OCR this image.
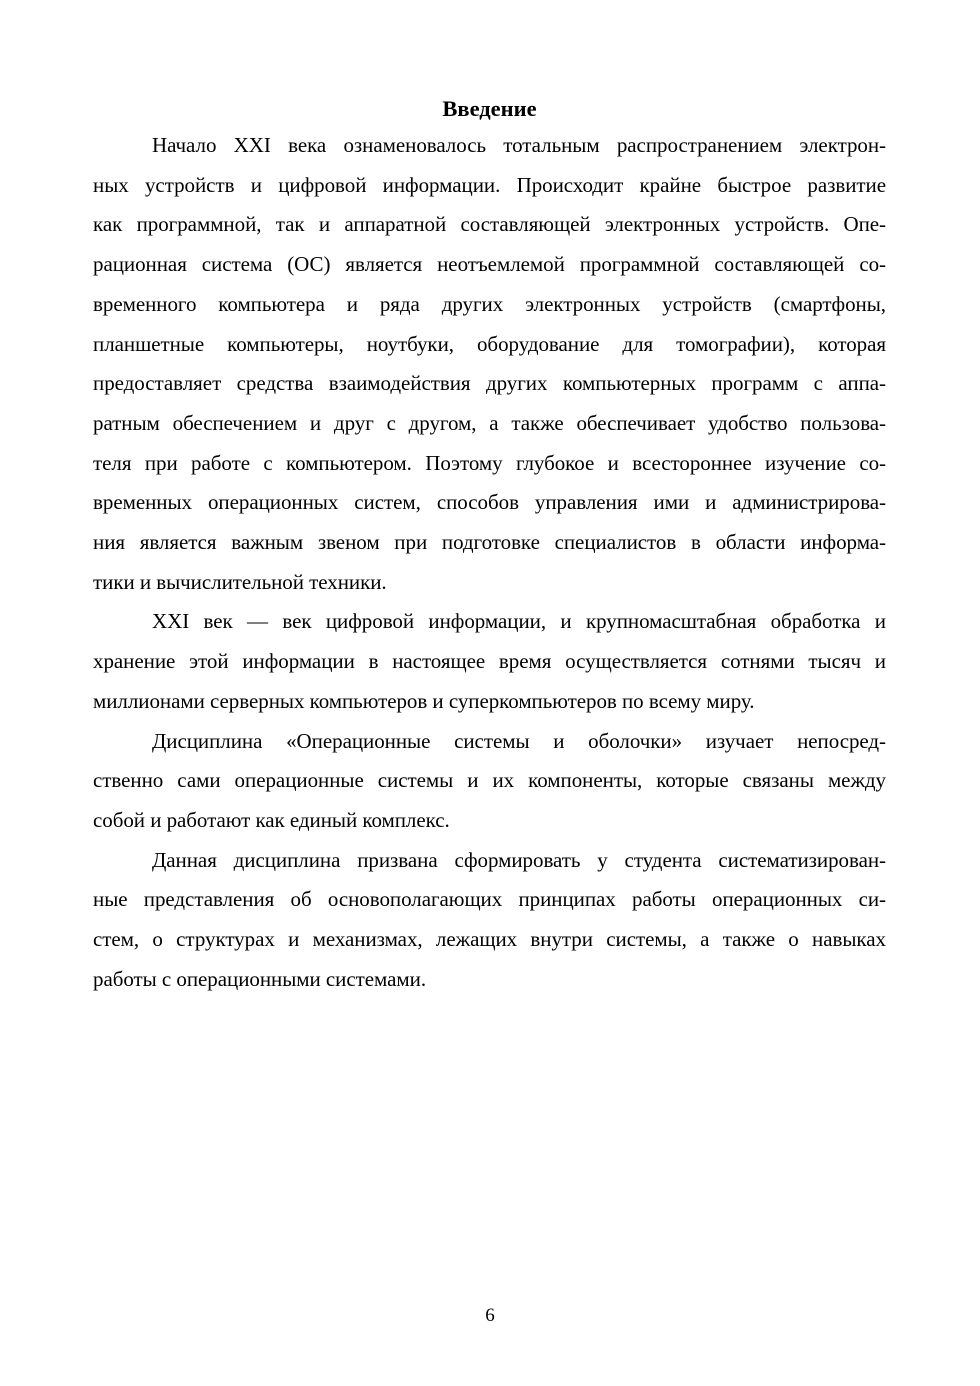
Введение

Начало XXI века ознаменовалось тотальным распространением электрон-
ных устройств и цифровой информации. Происходит крайне быстрое развитие
как программной, так и аппаратной составляющей электронных устройств. Опе-
рационная система (ОС) является неотъемлемой программной составляющей со-
временного компьютера и ряда других электронных устройств (смартфоны,
планшетные компьютеры, ноутбуки, оборудование для томографии), которая
предоставляет средства взаимодействия других компьютерных программ с аппа-
ратным обеспечением и друг с другом, а также обеспечивает удобство пользова-
теля при работе с компьютером. Поэтому глубокое и всестороннее изучение со-
временных операционных систем, способов управления ими и администрирова-
ния является важным звеном при подготовке специалистов в области информа-
тики и вычислительной техники.

XXI век — век цифровой информации, и крупномасштабная обработка и
хранение этой информации в настоящее время осуществляется сотнями тысяч и
миллионами серверных компьютеров и суперкомпьютеров по всему миру.

Дисциплина «Операционные системы и оболочки» изучает непосред-
ственно сами операционные системы и их компоненты, которые связаны между
собой и работают как единый комплекс.

Данная дисциплина призвана сформировать у студента систематизирован-
ные представления об основополагающих принципах работы операционных си-
стем, о структурах и механизмах, лежащих внутри системы, а также о навыках
работы с операционными системами.

6
